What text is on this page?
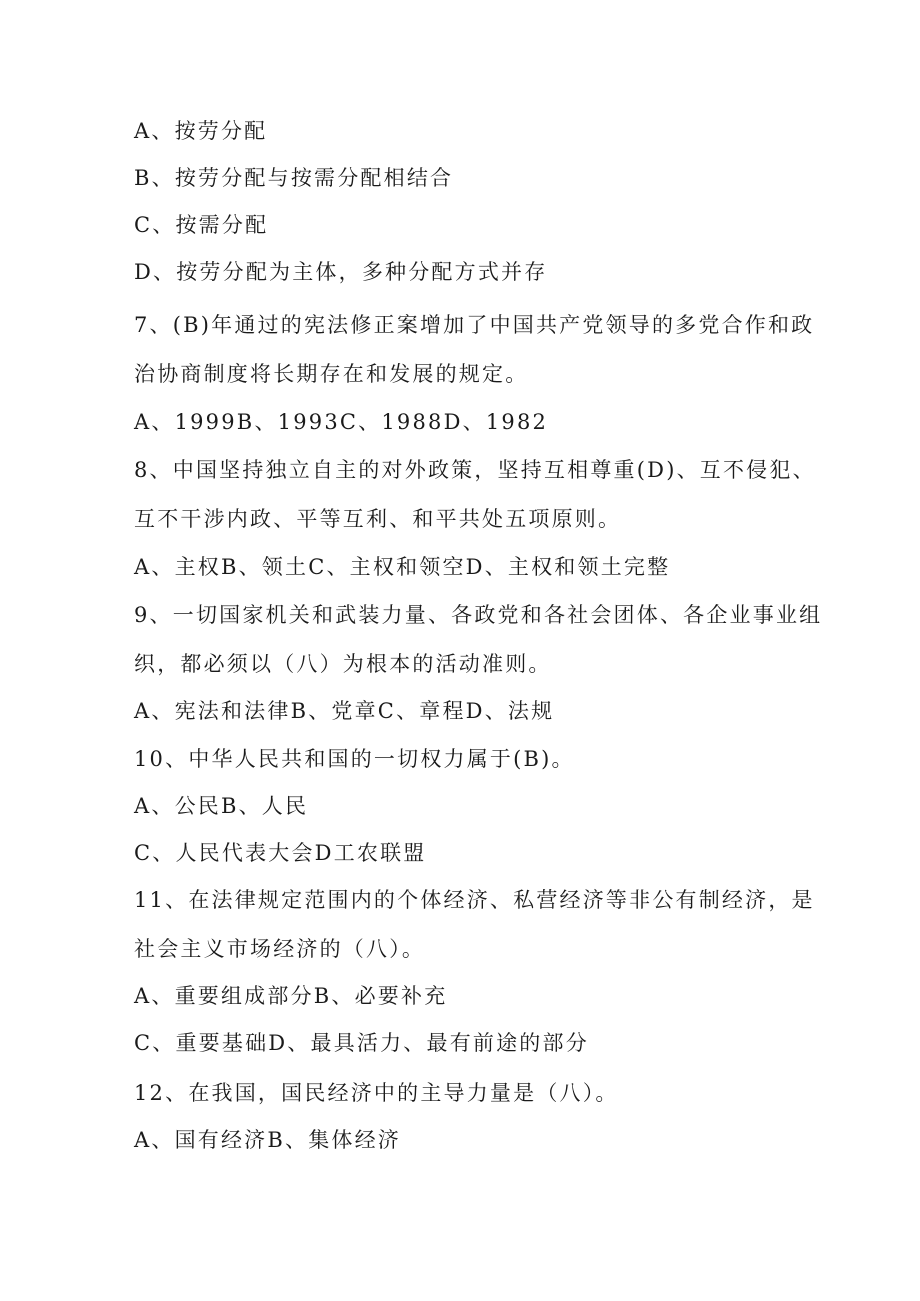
A、按劳分配
B、按劳分配与按需分配相结合
C、按需分配
D、按劳分配为主体，多种分配方式并存
7、(B)年通过的宪法修正案增加了中国共产党领导的多党合作和政
治协商制度将长期存在和发展的规定。
A、1999B、1993C、1988D、1982
8、中国坚持独立自主的对外政策，坚持互相尊重(D)、互不侵犯、
互不干涉内政、平等互利、和平共处五项原则。
A、主权B、领土C、主权和领空D、主权和领土完整
9、一切国家机关和武装力量、各政党和各社会团体、各企业事业组
织，都必须以（八）为根本的活动准则。
A、宪法和法律B、党章C、章程D、法规
10、中华人民共和国的一切权力属于(B)。
A、公民B、人民
C、人民代表大会D工农联盟
11、在法律规定范围内的个体经济、私营经济等非公有制经济，是
社会主义市场经济的（八）。
A、重要组成部分B、必要补充
C、重要基础D、最具活力、最有前途的部分
12、在我国，国民经济中的主导力量是（八）。
A、国有经济B、集体经济
